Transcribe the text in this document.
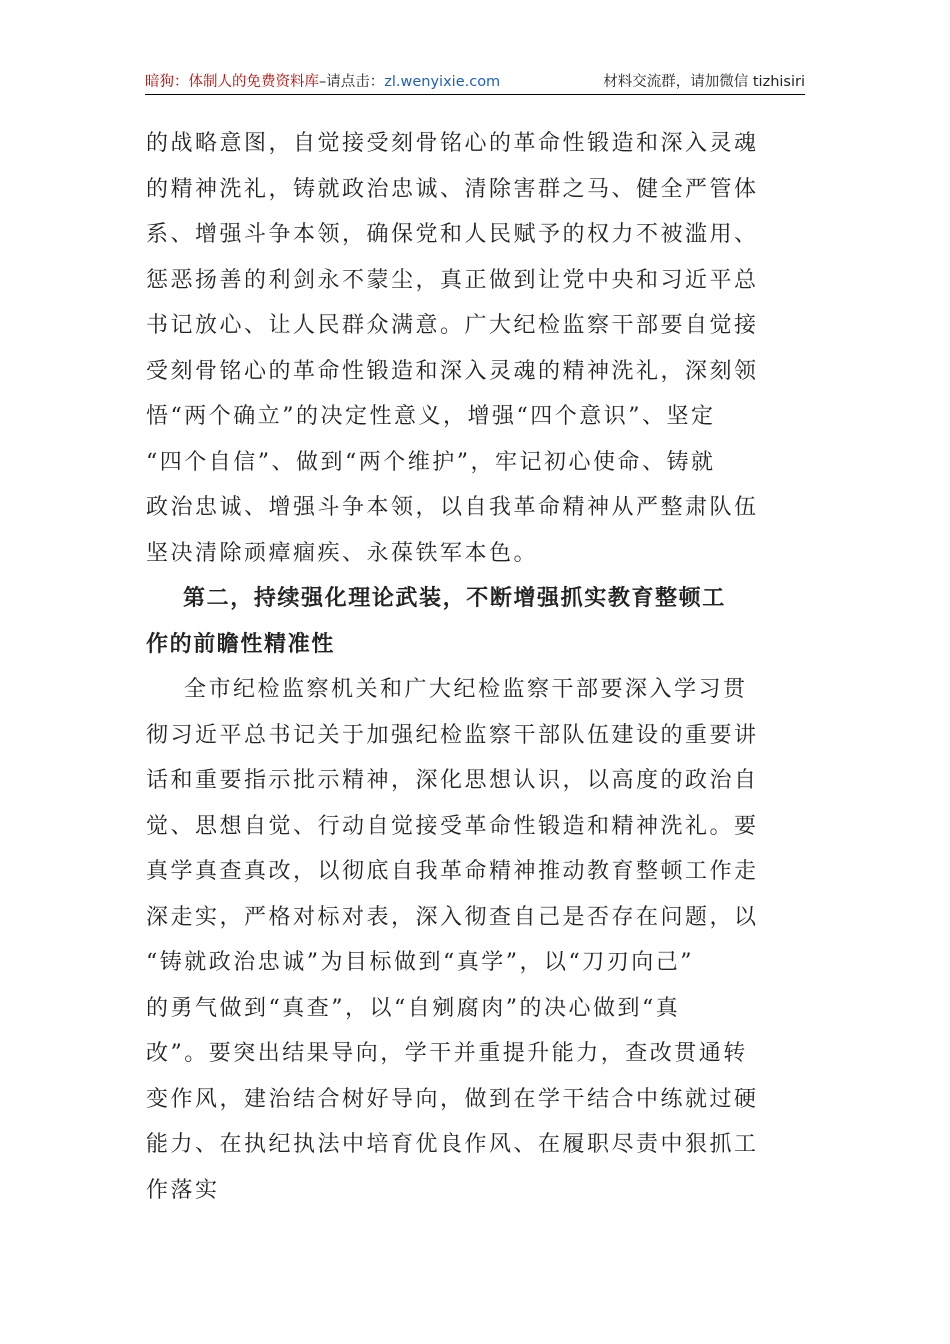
暗狗：体制人的免费资料库–请点击：zl.wenyixie.com	材料交流群，请加微信 tizhisiri
的战略意图，自觉接受刻骨铭心的革命性锻造和深入灵魂
的精神洗礼，铸就政治忠诚、清除害群之马、健全严管体
系、增强斗争本领，确保党和人民赋予的权力不被滥用、
惩恶扬善的利剑永不蒙尘，真正做到让党中央和习近平总
书记放心、让人民群众满意。广大纪检监察干部要自觉接
受刻骨铭心的革命性锻造和深入灵魂的精神洗礼，深刻领
悟“两个确立”的决定性意义，增强“四个意识”、坚定
“四个自信”、做到“两个维护”，牢记初心使命、铸就
政治忠诚、增强斗争本领，以自我革命精神从严整肃队伍
坚决清除顽瘴痼疾、永葆铁军本色。
第二，持续强化理论武装，不断增强抓实教育整顿工
作的前瞻性精准性
全市纪检监察机关和广大纪检监察干部要深入学习贯
彻习近平总书记关于加强纪检监察干部队伍建设的重要讲
话和重要指示批示精神，深化思想认识，以高度的政治自
觉、思想自觉、行动自觉接受革命性锻造和精神洗礼。要
真学真查真改，以彻底自我革命精神推动教育整顿工作走
深走实，严格对标对表，深入彻查自己是否存在问题，以
“铸就政治忠诚”为目标做到“真学”，以“刀刃向己”
的勇气做到“真查”，以“自剜腐肉”的决心做到“真
改”。要突出结果导向，学干并重提升能力，查改贯通转
变作风，建治结合树好导向，做到在学干结合中练就过硬
能力、在执纪执法中培育优良作风、在履职尽责中狠抓工
作落实
